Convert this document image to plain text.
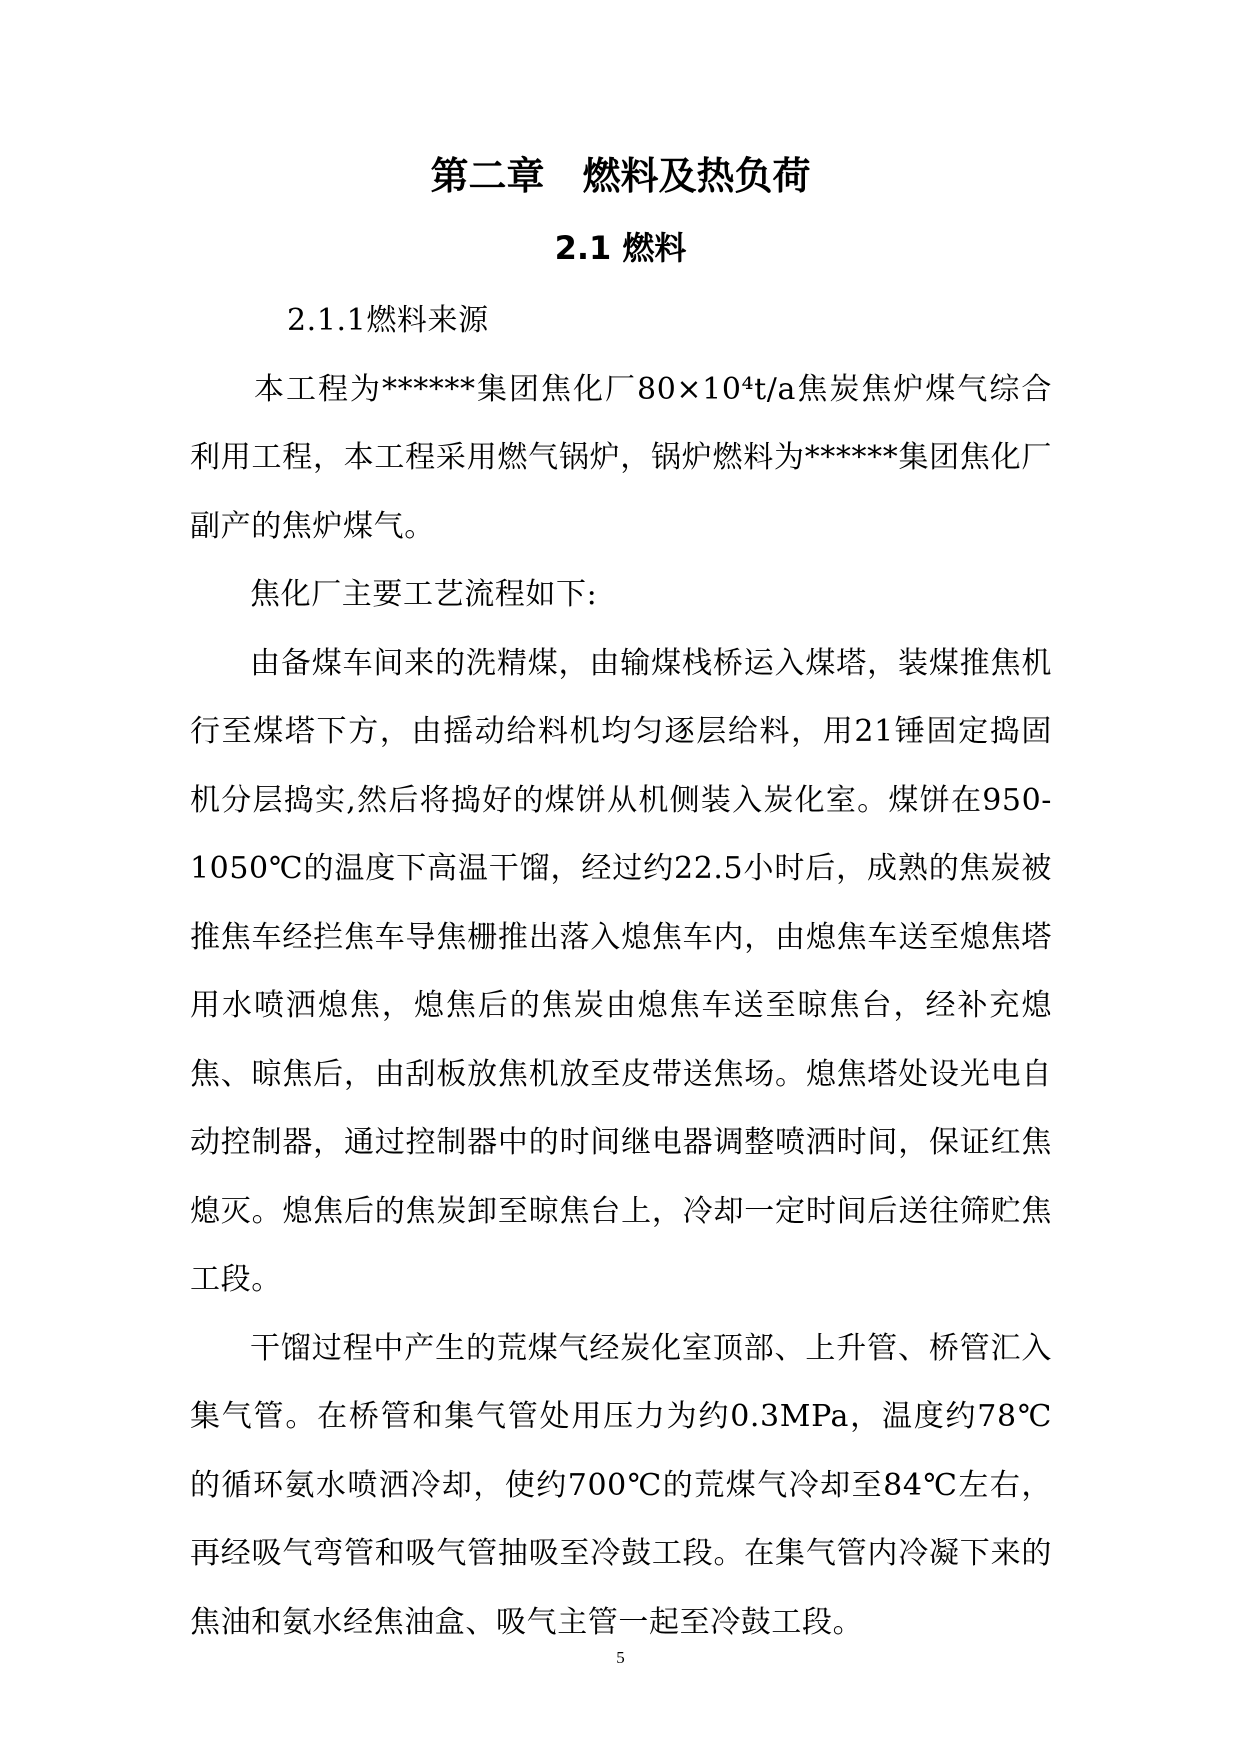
第二章　燃料及热负荷
2.1 燃料

2.1.1燃料来源

本工程为******集团焦化厂80×10⁴t/a焦炭焦炉煤气综合利用工程，本工程采用燃气锅炉，锅炉燃料为******集团焦化厂副产的焦炉煤气。

焦化厂主要工艺流程如下:

由备煤车间来的洗精煤，由输煤栈桥运入煤塔，装煤推焦机行至煤塔下方，由摇动给料机均匀逐层给料，用21锤固定捣固机分层捣实,然后将捣好的煤饼从机侧装入炭化室。煤饼在950-1050℃的温度下高温干馏，经过约22.5小时后，成熟的焦炭被推焦车经拦焦车导焦栅推出落入熄焦车内，由熄焦车送至熄焦塔用水喷洒熄焦，熄焦后的焦炭由熄焦车送至晾焦台，经补充熄焦、晾焦后，由刮板放焦机放至皮带送焦场。熄焦塔处设光电自动控制器，通过控制器中的时间继电器调整喷洒时间，保证红焦熄灭。熄焦后的焦炭卸至晾焦台上，冷却一定时间后送往筛贮焦工段。

干馏过程中产生的荒煤气经炭化室顶部、上升管、桥管汇入集气管。在桥管和集气管处用压力为约0.3MPa，温度约78℃的循环氨水喷洒冷却，使约700℃的荒煤气冷却至84℃左右，再经吸气弯管和吸气管抽吸至冷鼓工段。在集气管内冷凝下来的焦油和氨水经焦油盒、吸气主管一起至冷鼓工段。

5
